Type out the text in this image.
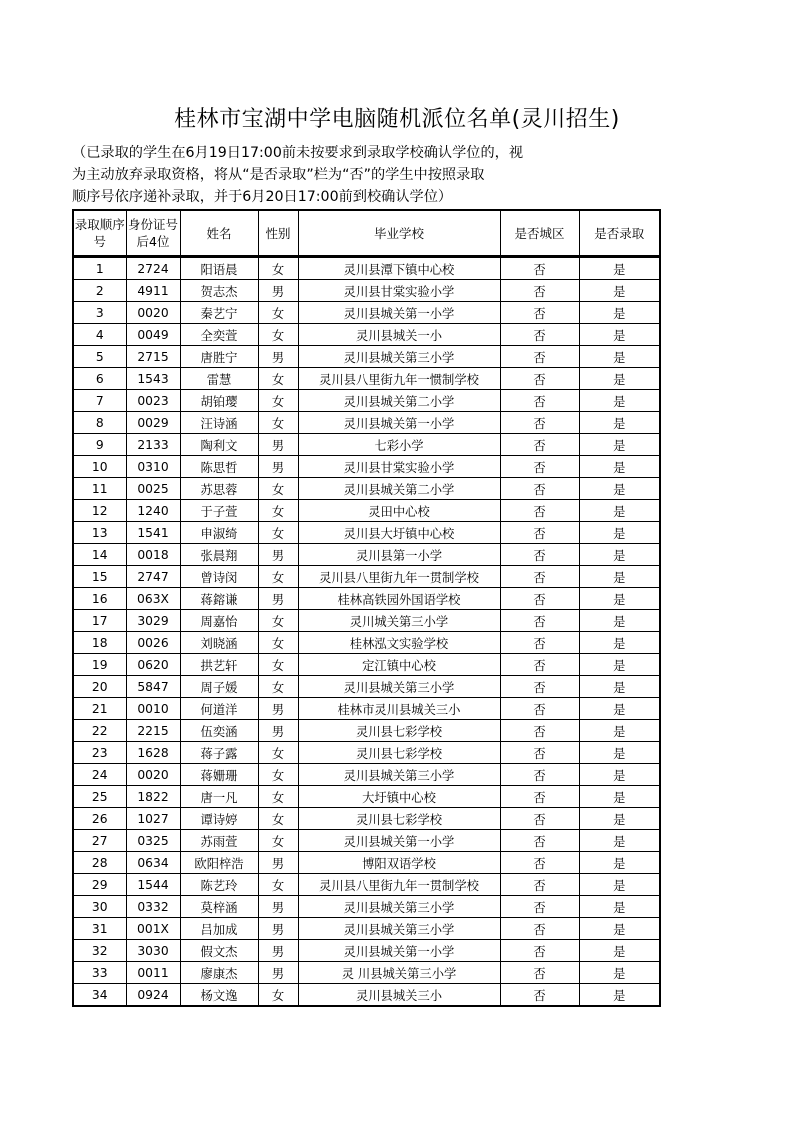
桂林市宝湖中学电脑随机派位名单(灵川招生)
（已录取的学生在6月19日17:00前未按要求到录取学校确认学位的，视
为主动放弃录取资格，将从“是否录取”栏为“否”的学生中按照录取
顺序号依序递补录取，并于6月20日17:00前到校确认学位）
录取顺序号	身份证号后4位	姓名	性别	毕业学校	是否城区	是否录取
1	2724	阳语晨	女	灵川县潭下镇中心校	否	是
2	4911	贺志杰	男	灵川县甘棠实验小学	否	是
3	0020	秦艺宁	女	灵川县城关第一小学	否	是
4	0049	全奕萱	女	灵川县城关一小	否	是
5	2715	唐胜宁	男	灵川县城关第三小学	否	是
6	1543	雷慧	女	灵川县八里街九年一惯制学校	否	是
7	0023	胡铂璎	女	灵川县城关第二小学	否	是
8	0029	汪诗涵	女	灵川县城关第一小学	否	是
9	2133	陶利文	男	七彩小学	否	是
10	0310	陈思哲	男	灵川县甘棠实验小学	否	是
11	0025	苏思蓉	女	灵川县城关第二小学	否	是
12	1240	于子萱	女	灵田中心校	否	是
13	1541	申淑绮	女	灵川县大圩镇中心校	否	是
14	0018	张晨翔	男	灵川县第一小学	否	是
15	2747	曾诗闵	女	灵川县八里街九年一贯制学校	否	是
16	063X	蒋鎔谦	男	桂林高铁园外国语学校	否	是
17	3029	周嘉怡	女	灵川城关第三小学	否	是
18	0026	刘晓涵	女	桂林泓文实验学校	否	是
19	0620	拱艺轩	女	定江镇中心校	否	是
20	5847	周子媛	女	灵川县城关第三小学	否	是
21	0010	何道洋	男	桂林市灵川县城关三小	否	是
22	2215	伍奕涵	男	灵川县七彩学校	否	是
23	1628	蒋子露	女	灵川县七彩学校	否	是
24	0020	蒋姗珊	女	灵川县城关第三小学	否	是
25	1822	唐一凡	女	大圩镇中心校	否	是
26	1027	谭诗婷	女	灵川县七彩学校	否	是
27	0325	苏雨萱	女	灵川县城关第一小学	否	是
28	0634	欧阳梓浩	男	博阳双语学校	否	是
29	1544	陈艺玲	女	灵川县八里街九年一贯制学校	否	是
30	0332	莫梓涵	男	灵川县城关第三小学	否	是
31	001X	吕加成	男	灵川县城关第三小学	否	是
32	3030	假文杰	男	灵川县城关第一小学	否	是
33	0011	廖康杰	男	灵 川县城关第三小学	否	是
34	0924	杨文逸	女	灵川县城关三小	否	是
